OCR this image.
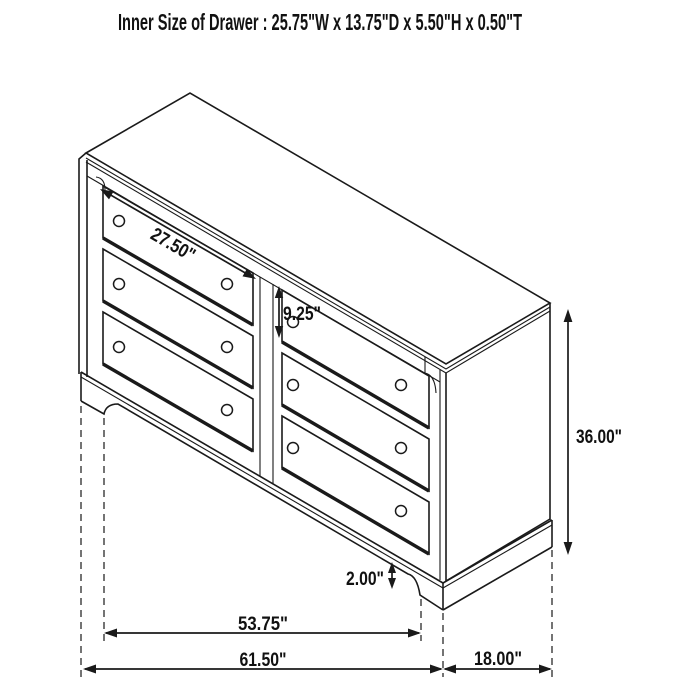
Inner Size of Drawer : 25.75"W x 13.75"D x 5.50"H x 0.50"T
27.50"
9.25"
36.00"
2.00"
53.75"
61.50"	18.00"
